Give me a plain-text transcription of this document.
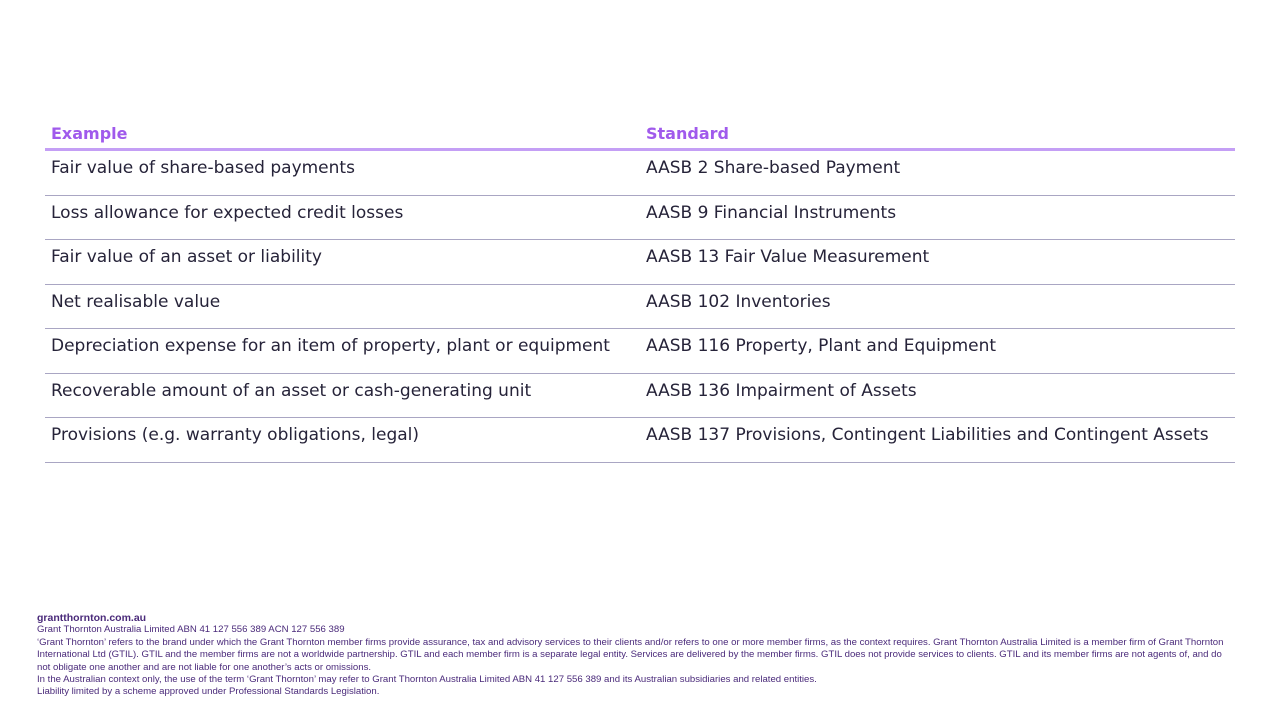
Example	Standard
Fair value of share-based payments	AASB 2 Share-based Payment
Loss allowance for expected credit losses	AASB 9 Financial Instruments
Fair value of an asset or liability	AASB 13 Fair Value Measurement
Net realisable value	AASB 102 Inventories
Depreciation expense for an item of property, plant or equipment	AASB 116 Property, Plant and Equipment
Recoverable amount of an asset or cash-generating unit	AASB 136 Impairment of Assets
Provisions (e.g. warranty obligations, legal)	AASB 137 Provisions, Contingent Liabilities and Contingent Assets
grantthornton.com.au
Grant Thornton Australia Limited ABN 41 127 556 389 ACN 127 556 389
‘Grant Thornton’ refers to the brand under which the Grant Thornton member firms provide assurance, tax and advisory services to their clients and/or refers to one or more member firms, as the context requires. Grant Thornton Australia Limited is a member firm of Grant Thornton International Ltd (GTIL). GTIL and the member firms are not a worldwide partnership. GTIL and each member firm is a separate legal entity. Services are delivered by the member firms. GTIL does not provide services to clients. GTIL and its member firms are not agents of, and do not obligate one another and are not liable for one another’s acts or omissions.
In the Australian context only, the use of the term ‘Grant Thornton’ may refer to Grant Thornton Australia Limited ABN 41 127 556 389 and its Australian subsidiaries and related entities.
Liability limited by a scheme approved under Professional Standards Legislation.
